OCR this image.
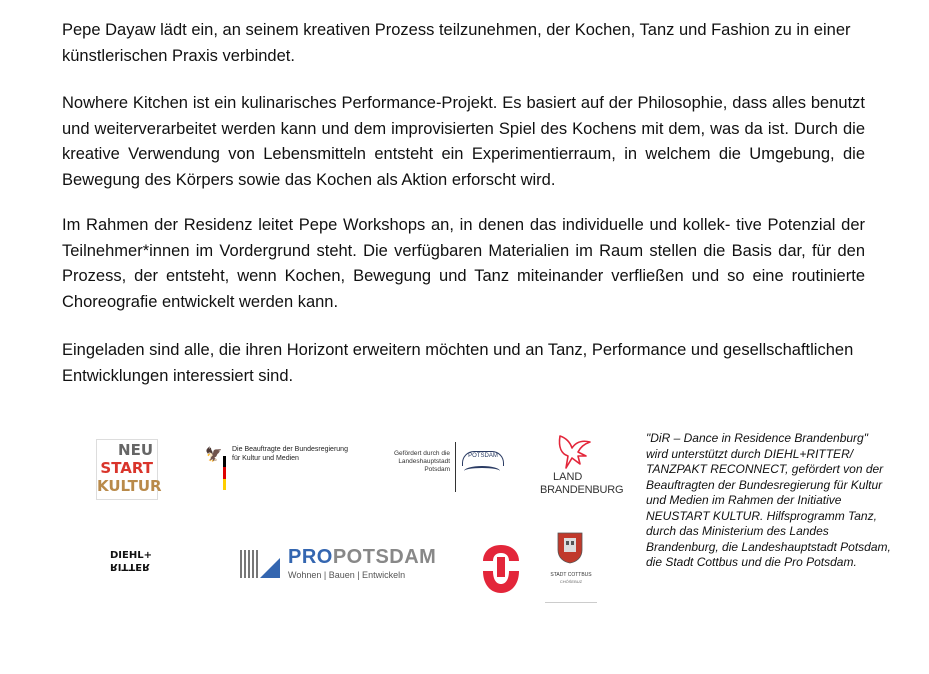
Pepe Dayaw lädt ein, an seinem kreativen Prozess teilzunehmen, der Kochen, Tanz und Fashion zu in einer künstlerischen Praxis verbindet.

Nowhere Kitchen ist ein kulinarisches Performance-Projekt. Es basiert auf der Philosophie, dass alles benutzt und weiterverarbeitet werden kann und dem improvisierten Spiel des Kochens mit dem, was da ist. Durch die kreative Verwendung von Lebensmitteln entsteht ein Experimentierraum, in welchem die Umgebung, die Bewegung des Körpers sowie das Kochen als Aktion erforscht wird.

Im Rahmen der Residenz leitet Pepe Workshops an, in denen das individuelle und kollek- tive Potenzial der Teilnehmer*innen im Vordergrund steht. Die verfügbaren Materialien im Raum stellen die Basis dar, für den Prozess, der entsteht, wenn Kochen, Bewegung und Tanz miteinander verfließen und so eine routinierte Choreografie entwickelt werden kann.

Eingeladen sind alle, die ihren Horizont erweitern möchten und an Tanz, Performance und gesellschaftlichen Entwicklungen interessiert sind.

NEU
START
KULTUR
🦅 Die Beauftragte der Bundesregierung für Kultur und Medien
Gefördert durch die Landeshauptstadt Potsdam
POTSDAM
LAND
BRANDENBURG
DIEHL+
RITTER	PROPOTSDAM
Wohnen | Bauen | Entwickeln	STADT COTTBUS
CHÓŚEBUZ

"DiR – Dance in Residence Brandenburg" wird unterstützt durch DIEHL+RITTER/ TANZPAKT RECONNECT, gefördert von der Beauftragten der Bundesregierung für Kultur und Medien im Rahmen der Initiative NEUSTART KULTUR. Hilfsprogramm Tanz, durch das Ministerium des Landes Brandenburg, die Landeshauptstadt Potsdam, die Stadt Cottbus und die Pro Potsdam.
